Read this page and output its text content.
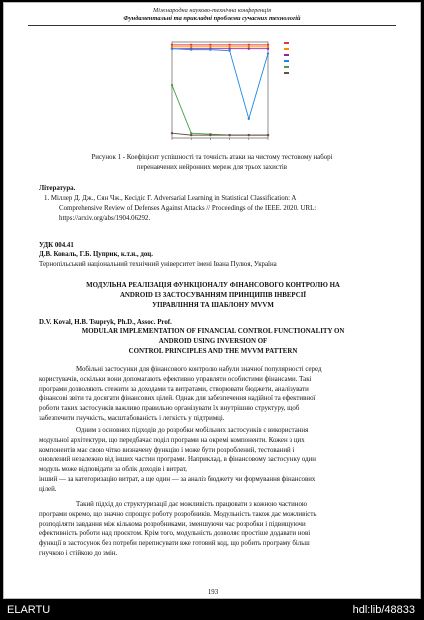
Міжнародна науково-технічна конференція
Фундаментальні та прикладні проблеми сучасних технологій
Рисунок 1 - Коефіцієнт успішності та точність атаки на чистому тестовому наборі
перенавчених нейронних мереж для трьох захистів
Література.
1. Міллер Д. Дж., Сян Чж., Кесідіс Г. Adversarial Learning in Statistical Classification: A
Comprehensive Review of Defenses Against Attacks // Proceedings of the IEEE. 2020. URL:
https://arxiv.org/abs/1904.06292.
УДК 004.41
Д.В. Коваль, Г.Б. Цуприк, к.т.н., доц.
Тернопільський національний технічний університет імені Івана Пулюя, Україна
МОДУЛЬНА РЕАЛІЗАЦІЯ ФУНКЦІОНАЛУ ФІНАНСОВОГО КОНТРОЛЮ НА
ANDROID ІЗ ЗАСТОСУВАННЯМ ПРИНЦИПІВ ІНВЕРСІЇ
УПРАВЛІННЯ ТА ШАБЛОНУ MVVM
D.V. Koval, H.B. Tsupryk, Ph.D., Assoc. Prof.
MODULAR IMPLEMENTATION OF FINANCIAL CONTROL FUNCTIONALITY ON
ANDROID USING INVERSION OF
CONTROL PRINCIPLES AND THE MVVM PATTERN
Мобільні застосунки для фінансового контролю набули значної популярності серед
користувачів, оскільки вони допомагають ефективно управляти особистими фінансами. Такі
програми дозволяють стежити за доходами та витратами, створювати бюджети, аналізувати
фінансові звіти та досягати фінансових цілей. Однак для забезпечення надійної та ефективної
роботи таких застосунків важливо правильно організувати їх внутрішню структуру, щоб
забезпечити гнучкість, масштабованість і легкість у підтримці.
Одним з основних підходів до розробки мобільних застосунків є використання
модульної архітектури, що передбачає поділ програми на окремі компоненти. Кожен з цих
компонентів має свою чітко визначену функцію і може бути розроблений, тестований і
оновлений незалежно від інших частин програми. Наприклад, в фінансовому застосунку один
модуль може відповідати за облік доходів і витрат,
інший — за категоризацію витрат, а ще один — за аналіз бюджету чи формування фінансових
цілей.
Такий підхід до структуризації дає можливість працювати з кожною частиною
програми окремо, що значно спрощує роботу розробників. Модульність також дає можливість
розподіляти завдання між кількома розробниками, зменшуючи час розробки і підвищуючи
ефективність роботи над проєктом. Крім того, модульність дозволяє простіше додавати нові
функції в застосунок без потреби переписувати вже готовий код, що робить програму більш
гнучкою і стійкою до змін.
193
ELARTU	hdl:lib/48833
